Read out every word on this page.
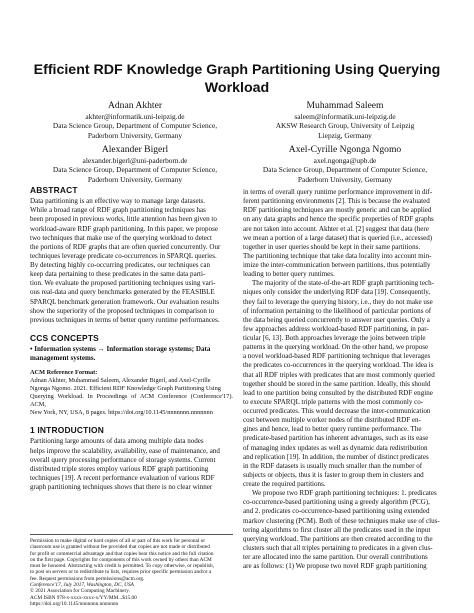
Efficient RDF Knowledge Graph Partitioning Using Querying
Workload
Adnan Akhter
akhter@informatik.uni-leipzig.de
Data Science Group, Department of Computer Science,
Paderborn University, Germany
Muhammad Saleem
saleem@informatik.uni-leipzig.de
AKSW Research Group, University of Leipzig
Liepzig, Germany
Alexander Bigerl
alexander.bigerl@uni-paderborn.de
Data Science Group, Department of Computer Science,
Paderborn University, Germany
Axel-Cyrille Ngonga Ngomo
axel.ngonga@upb.de
Data Science Group, Department of Computer Science,
Paderborn University, Germany
ABSTRACT
Data partitioning is an effective way to manage large datasets.
While a broad range of RDF graph partitioning techniques has
been proposed in previous works, little attention has been given to
workload-aware RDF graph partitioning. In this paper, we propose
two techniques that make use of the querying workload to detect
the portions of RDF graphs that are often queried concurrently. Our
techniques leverage predicate co-occurrences in SPARQL queries.
By detecting highly co-occurring predicates, our techniques can
keep data pertaining to these predicates in the same data parti-
tion. We evaluate the proposed partitioning techniques using vari-
ous real-data and query benchmarks generated by the FEASIBLE
SPARQL benchmark generation framework. Our evaluation results
show the superiority of the proposed techniques in comparison to
previous techniques in terms of better query runtime performances.
CCS CONCEPTS
• Information systems → Information storage systems; Data
management systems.
ACM Reference Format:
Adnan Akhter, Muhammad Saleem, Alexander Bigerl, and Axel-Cyrille
Ngonga Ngomo. 2021. Efficient RDF Knowledge Graph Partitioning Using
Querying Workload. In Proceedings of ACM Conference (Conference'17). ACM,
New York, NY, USA, 8 pages. https://doi.org/10.1145/nnnnnnn.nnnnnnn
1 INTRODUCTION
Partitioning large amounts of data among multiple data nodes
helps improve the scalability, availability, ease of maintenance, and
overall query processing performance of storage systems. Current
distributed triple stores employ various RDF graph partitioning
techniques [19]. A recent performance evaluation of various RDF
graph partitioning techniques shows that there is no clear winner
Permission to make digital or hard copies of all or part of this work for personal or
classroom use is granted without fee provided that copies are not made or distributed
for profit or commercial advantage and that copies bear this notice and the full citation
on the first page. Copyrights for components of this work owned by others than ACM
must be honored. Abstracting with credit is permitted. To copy otherwise, or republish,
to post on servers or to redistribute to lists, requires prior specific permission and/or a
fee. Request permissions from permissions@acm.org.
Conference'17, July 2017, Washington, DC, USA
© 2021 Association for Computing Machinery.
ACM ISBN 978-x-xxxx-xxxx-x/YY/MM...$15.00
https://doi.org/10.1145/nnnnnnn.nnnnnnn
in terms of overall query runtime performance improvement in dif-
ferent partitioning environments [2]. This is because the evaluated
RDF partitioning techniques are mostly generic and can be applied
on any data graphs and hence the specific properties of RDF graphs
are not taken into account. Akhter et al. [2] suggest that data (here
we mean a portion of a large dataset) that is queried (i.e., accessed)
together in user queries should be kept in their same partitions.
The partitioning technique that take data locality into account min-
imize the inter-communication between partitions, thus potentially
leading to better query runtimes.
The majority of the state-of-the-art RDF graph partitioning tech-
niques only consider the underlying RDF data [19]. Consequently,
they fail to leverage the querying history, i.e., they do not make use
of information pertaining to the likelihood of particular portions of
the data being queried concurrently to answer user queries. Only a
few approaches address workload-based RDF partitioning, in par-
ticular [6, 13]. Both approaches leverage the joins between triple
patterns in the querying workload. On the other hand, we propose
a novel workload-based RDF partitioning technique that leverages
the predicates co-occurrences in the querying workload. The idea is
that all RDF triples with predicates that are most commonly queried
together should be stored in the same partition. Ideally, this should
lead to one partition being consulted by the distributed RDF engine
to execute SPARQL triple patterns with the most commonly co-
occurred predicates. This would decrease the inter-communication
cost between multiple worker nodes of the distributed RDF en-
gines and hence, lead to better query runtime performance. The
predicate-based partition has inherent advantages, such as its ease
of managing index updates as well as dynamic data redistribution
and replication [19]. In addition, the number of distinct predicates
in the RDF datasets is usually much smaller than the number of
subjects or objects, thus it is faster to group them in clusters and
create the required partitions.
We propose two RDF graph partitioning techniques: 1. predicates
co-occurrence-based partitioning using a greedy algorithm (PCG),
and 2. predicates co-occurrence-based partitioning using extended
markov clustering (PCM). Both of these techniques make use of clus-
tering algorithms to first cluster all the predicates used in the input
querying workload. The partitions are then created according to the
clusters such that all triples pertaining to predicates in a given clus-
ter are allocated into the same partition. Our overall contributions
are as follows: (1) We propose two novel RDF graph partitioning
